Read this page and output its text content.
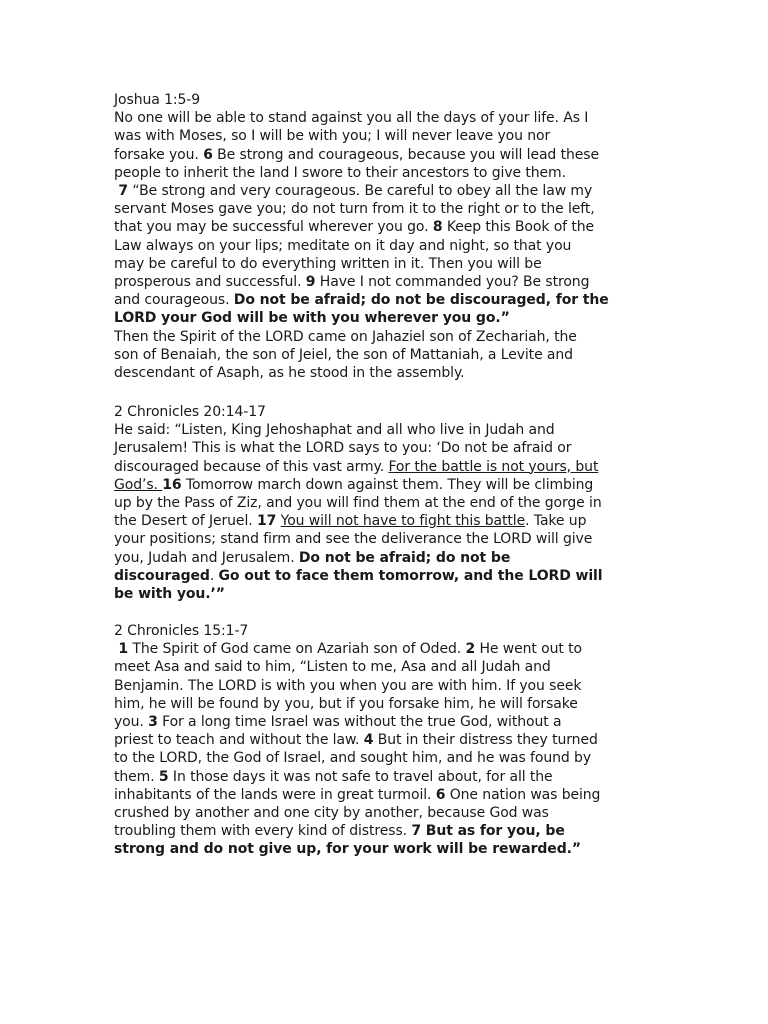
Joshua 1:5-9
No one will be able to stand against you all the days of your life. As I
was with Moses, so I will be with you; I will never leave you nor
forsake you. 6 Be strong and courageous, because you will lead these
people to inherit the land I swore to their ancestors to give them.
7 “Be strong and very courageous. Be careful to obey all the law my
servant Moses gave you; do not turn from it to the right or to the left,
that you may be successful wherever you go. 8 Keep this Book of the
Law always on your lips; meditate on it day and night, so that you
may be careful to do everything written in it. Then you will be
prosperous and successful. 9 Have I not commanded you? Be strong
and courageous. Do not be afraid; do not be discouraged, for the
LORD your God will be with you wherever you go.”
Then the Spirit of the LORD came on Jahaziel son of Zechariah, the
son of Benaiah, the son of Jeiel, the son of Mattaniah, a Levite and
descendant of Asaph, as he stood in the assembly.
2 Chronicles 20:14-17
He said: “Listen, King Jehoshaphat and all who live in Judah and
Jerusalem! This is what the LORD says to you: ‘Do not be afraid or
discouraged because of this vast army. For the battle is not yours, but
God’s. 16 Tomorrow march down against them. They will be climbing
up by the Pass of Ziz, and you will find them at the end of the gorge in
the Desert of Jeruel. 17 You will not have to fight this battle. Take up
your positions; stand firm and see the deliverance the LORD will give
you, Judah and Jerusalem. Do not be afraid; do not be
discouraged. Go out to face them tomorrow, and the LORD will
be with you.’”
2 Chronicles 15:1-7
1 The Spirit of God came on Azariah son of Oded. 2 He went out to
meet Asa and said to him, “Listen to me, Asa and all Judah and
Benjamin. The LORD is with you when you are with him. If you seek
him, he will be found by you, but if you forsake him, he will forsake
you. 3 For a long time Israel was without the true God, without a
priest to teach and without the law. 4 But in their distress they turned
to the LORD, the God of Israel, and sought him, and he was found by
them. 5 In those days it was not safe to travel about, for all the
inhabitants of the lands were in great turmoil. 6 One nation was being
crushed by another and one city by another, because God was
troubling them with every kind of distress. 7 But as for you, be
strong and do not give up, for your work will be rewarded.”
